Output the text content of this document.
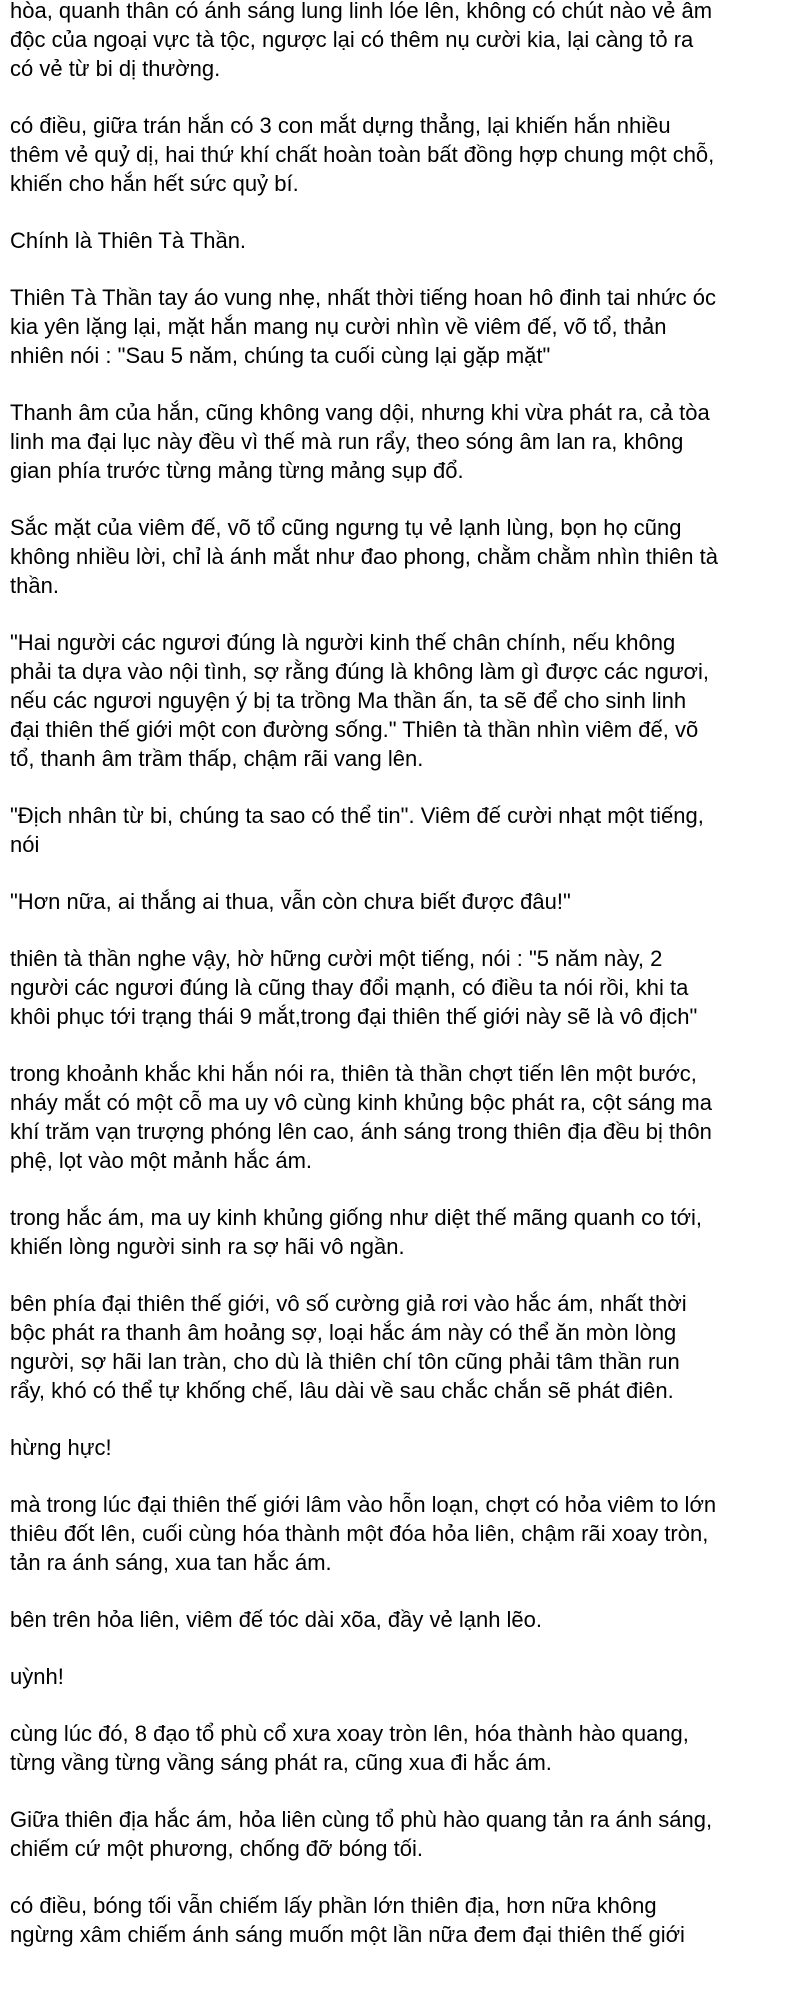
hòa, quanh thân có ánh sáng lung linh lóe lên, không có chút nào vẻ âm
độc của ngoại vực tà tộc, ngược lại có thêm nụ cười kia, lại càng tỏ ra
có vẻ từ bi dị thường.

có điều, giữa trán hắn có 3 con mắt dựng thẳng, lại khiến hắn nhiều
thêm vẻ quỷ dị, hai thứ khí chất hoàn toàn bất đồng hợp chung một chỗ,
khiến cho hắn hết sức quỷ bí.

Chính là Thiên Tà Thần.

Thiên Tà Thần tay áo vung nhẹ, nhất thời tiếng hoan hô đinh tai nhức óc
kia yên lặng lại, mặt hắn mang nụ cười nhìn về viêm đế, võ tổ, thản
nhiên nói : "Sau 5 năm, chúng ta cuối cùng lại gặp mặt"

Thanh âm của hắn, cũng không vang dội, nhưng khi vừa phát ra, cả tòa
linh ma đại lục này đều vì thế mà run rẩy, theo sóng âm lan ra, không
gian phía trước từng mảng từng mảng sụp đổ.

Sắc mặt của viêm đế, võ tổ cũng ngưng tụ vẻ lạnh lùng, bọn họ cũng
không nhiều lời, chỉ là ánh mắt như đao phong, chằm chằm nhìn thiên tà
thần.

"Hai người các ngươi đúng là người kinh thế chân chính, nếu không
phải ta dựa vào nội tình, sợ rằng đúng là không làm gì được các ngươi,
nếu các ngươi nguyện ý bị ta trồng Ma thần ấn, ta sẽ để cho sinh linh
đại thiên thế giới một con đường sống." Thiên tà thần nhìn viêm đế, võ
tổ, thanh âm trầm thấp, chậm rãi vang lên.

"Địch nhân từ bi, chúng ta sao có thể tin". Viêm đế cười nhạt một tiếng,
nói

"Hơn nữa, ai thắng ai thua, vẫn còn chưa biết được đâu!"

thiên tà thần nghe vậy, hờ hững cười một tiếng, nói : "5 năm này, 2
người các ngươi đúng là cũng thay đổi mạnh, có điều ta nói rồi, khi ta
khôi phục tới trạng thái 9 mắt,trong đại thiên thế giới này sẽ là vô địch"

trong khoảnh khắc khi hắn nói ra, thiên tà thần chợt tiến lên một bước,
nháy mắt có một cỗ ma uy vô cùng kinh khủng bộc phát ra, cột sáng ma
khí trăm vạn trượng phóng lên cao, ánh sáng trong thiên địa đều bị thôn
phệ, lọt vào một mảnh hắc ám.

trong hắc ám, ma uy kinh khủng giống như diệt thế mãng quanh co tới,
khiến lòng người sinh ra sợ hãi vô ngần.

bên phía đại thiên thế giới, vô số cường giả rơi vào hắc ám, nhất thời
bộc phát ra thanh âm hoảng sợ, loại hắc ám này có thể ăn mòn lòng
người, sợ hãi lan tràn, cho dù là thiên chí tôn cũng phải tâm thần run
rẩy, khó có thể tự khống chế, lâu dài về sau chắc chắn sẽ phát điên.

hừng hực!

mà trong lúc đại thiên thế giới lâm vào hỗn loạn, chợt có hỏa viêm to lớn
thiêu đốt lên, cuối cùng hóa thành một đóa hỏa liên, chậm rãi xoay tròn,
tản ra ánh sáng, xua tan hắc ám.

bên trên hỏa liên, viêm đế tóc dài xõa, đầy vẻ lạnh lẽo.

uỳnh!

cùng lúc đó, 8 đạo tổ phù cổ xưa xoay tròn lên, hóa thành hào quang,
từng vầng từng vầng sáng phát ra, cũng xua đi hắc ám.

Giữa thiên địa hắc ám, hỏa liên cùng tổ phù hào quang tản ra ánh sáng,
chiếm cứ một phương, chống đỡ bóng tối.

có điều, bóng tối vẫn chiếm lấy phần lớn thiên địa, hơn nữa không
ngừng xâm chiếm ánh sáng muốn một lần nữa đem đại thiên thế giới
